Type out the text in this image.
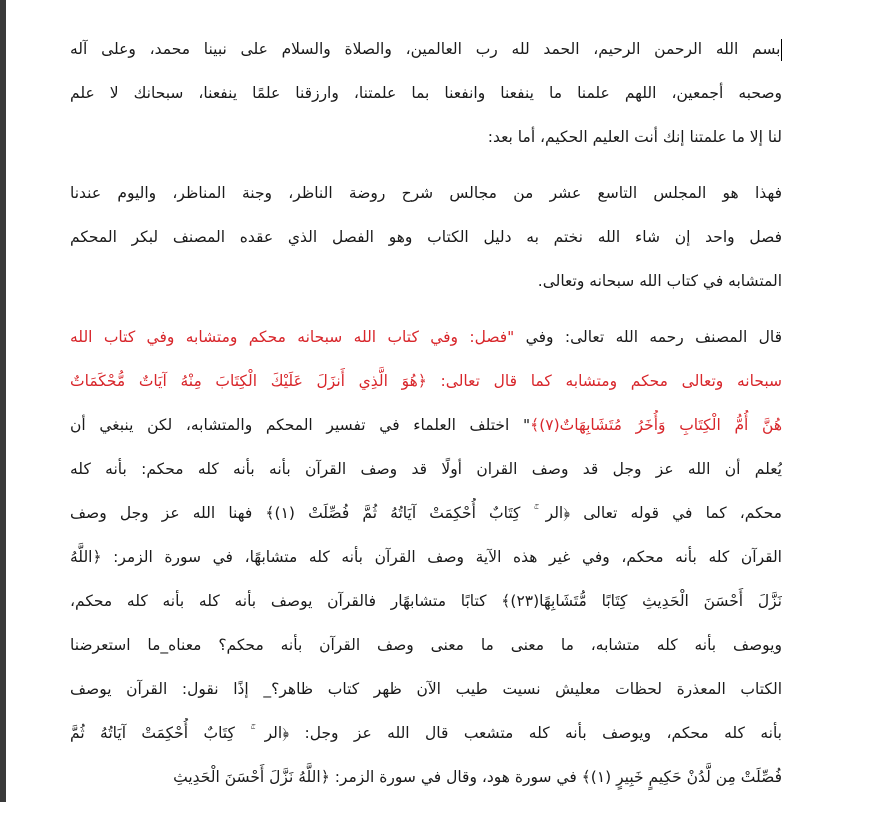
بسم الله الرحمن الرحيم، الحمد لله رب العالمين، والصلاة والسلام على نبينا محمد، وعلى آله
وصحبه أجمعين، اللهم علمنا ما ينفعنا وانفعنا بما علمتنا، وارزقنا علمًا ينفعنا، سبحانك لا علم
لنا إلا ما علمتنا إنك أنت العليم الحكيم، أما بعد:
فهذا هو المجلس التاسع عشر من مجالس شرح روضة الناظر، وجنة المناظر، واليوم عندنا
فصل واحد إن شاء الله نختم به دليل الكتاب وهو الفصل الذي عقده المصنف لبكر المحكم
المتشابه في كتاب الله سبحانه وتعالى.
قال المصنف رحمه الله تعالى: وفي "فصل: وفي كتاب الله سبحانه محكم ومتشابه وفي كتاب الله
سبحانه وتعالى محكم ومتشابه كما قال تعالى: ﴿هُوَ الَّذِي أَنزَلَ عَلَيْكَ الْكِتَابَ مِنْهُ آيَاتٌ مُّحْكَمَاتٌ
هُنَّ أُمُّ الْكِتَابِ وَأُخَرُ مُتَشَابِهَاتٌ(٧)﴾" اختلف العلماء في تفسير المحكم والمتشابه، لكن ينبغي أن
يُعلم أن الله عز وجل قد وصف القران أولًا قد وصف القرآن بأنه بأنه كله محكم: بأنه كله
محكم، كما في قوله تعالى ﴿الر ۚ كِتَابٌ أُحْكِمَتْ آيَاتُهُ ثُمَّ فُصِّلَتْ (١)﴾ فهنا الله عز وجل وصف
القرآن كله بأنه محكم، وفي غير هذه الآية وصف القرآن بأنه كله متشابهًا، في سورة الزمر: ﴿اللَّهُ
نَزَّلَ أَحْسَنَ الْحَدِيثِ كِتَابًا مُّتَشَابِهًا(٢٣)﴾ كتابًا متشابهًار فالقرآن يوصف بأنه كله بأنه كله محكم،
ويوصف بأنه كله متشابه، ما معنى ما معنى وصف القرآن بأنه محكم؟ معناه_ما استعرضنا
الكتاب المعذرة لحظات معليش نسيت طيب الآن ظهر كتاب ظاهر؟_ إذًا نقول: القرآن يوصف
بأنه كله محكم، ويوصف بأنه كله متشعب قال الله عز وجل: ﴿الر ۚ كِتَابٌ أُحْكِمَتْ آيَاتُهُ ثُمَّ
فُصِّلَتْ مِن لَّدُنْ حَكِيمٍ خَبِيرٍ (١)﴾ في سورة هود، وقال في سورة الزمر: ﴿اللَّهُ نَزَّلَ أَحْسَنَ الْحَدِيثِ
